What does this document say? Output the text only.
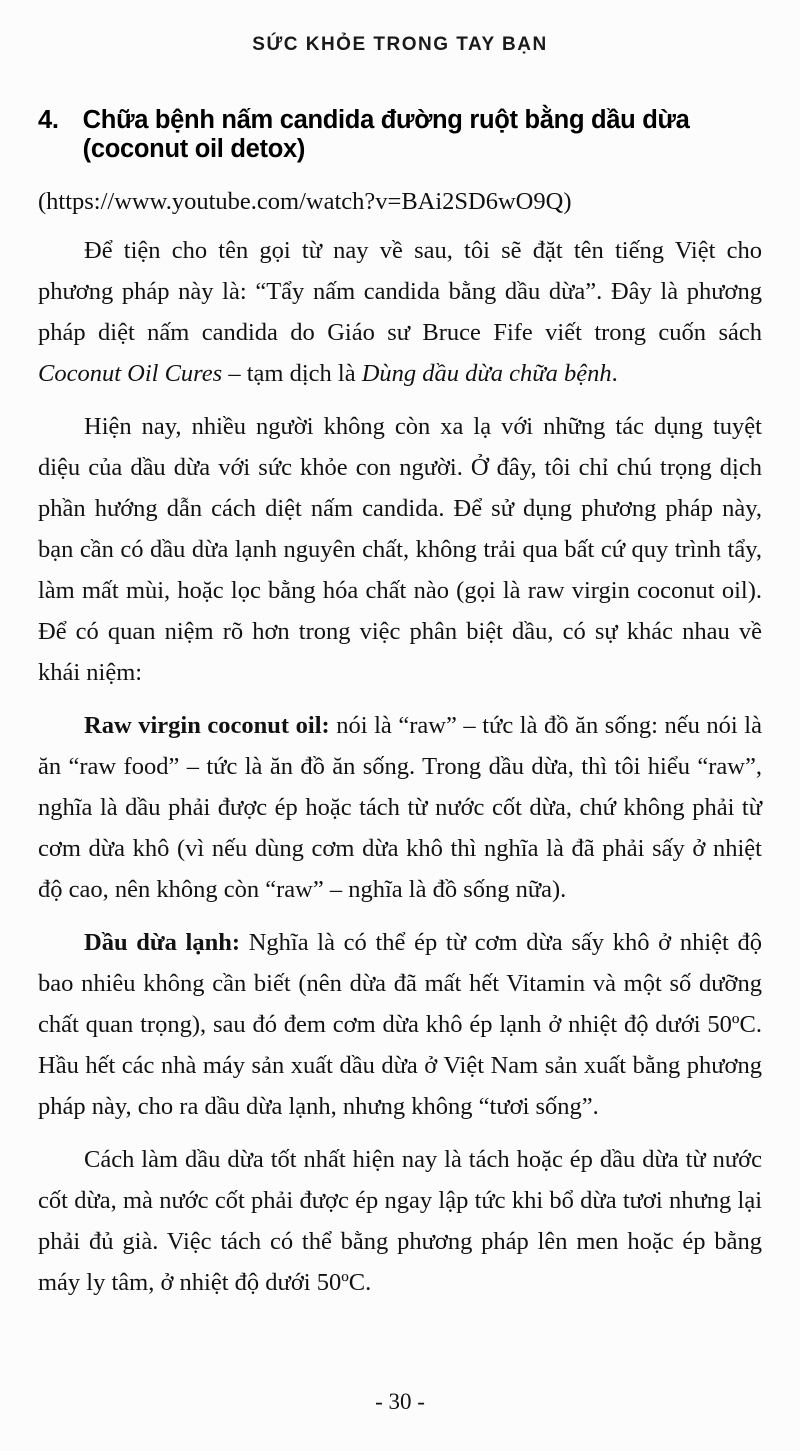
SỨC KHỎE TRONG TAY BẠN
4. Chữa bệnh nấm candida đường ruột bằng dầu dừa (coconut oil detox)
(https://www.youtube.com/watch?v=BAi2SD6wO9Q)

Để tiện cho tên gọi từ nay về sau, tôi sẽ đặt tên tiếng Việt cho phương pháp này là: “Tẩy nấm candida bằng dầu dừa”. Đây là phương pháp diệt nấm candida do Giáo sư Bruce Fife viết trong cuốn sách Coconut Oil Cures – tạm dịch là Dùng dầu dừa chữa bệnh.

Hiện nay, nhiều người không còn xa lạ với những tác dụng tuyệt diệu của dầu dừa với sức khỏe con người. Ở đây, tôi chỉ chú trọng dịch phần hướng dẫn cách diệt nấm candida. Để sử dụng phương pháp này, bạn cần có dầu dừa lạnh nguyên chất, không trải qua bất cứ quy trình tẩy, làm mất mùi, hoặc lọc bằng hóa chất nào (gọi là raw virgin coconut oil). Để có quan niệm rõ hơn trong việc phân biệt dầu, có sự khác nhau về khái niệm:

Raw virgin coconut oil: nói là “raw” – tức là đồ ăn sống: nếu nói là ăn “raw food” – tức là ăn đồ ăn sống. Trong dầu dừa, thì tôi hiểu “raw”, nghĩa là dầu phải được ép hoặc tách từ nước cốt dừa, chứ không phải từ cơm dừa khô (vì nếu dùng cơm dừa khô thì nghĩa là đã phải sấy ở nhiệt độ cao, nên không còn “raw” – nghĩa là đồ sống nữa).

Dầu dừa lạnh: Nghĩa là có thể ép từ cơm dừa sấy khô ở nhiệt độ bao nhiêu không cần biết (nên dừa đã mất hết Vitamin và một số dưỡng chất quan trọng), sau đó đem cơm dừa khô ép lạnh ở nhiệt độ dưới 50ºC. Hầu hết các nhà máy sản xuất dầu dừa ở Việt Nam sản xuất bằng phương pháp này, cho ra dầu dừa lạnh, nhưng không “tươi sống”.

Cách làm dầu dừa tốt nhất hiện nay là tách hoặc ép dầu dừa từ nước cốt dừa, mà nước cốt phải được ép ngay lập tức khi bổ dừa tươi nhưng lại phải đủ già. Việc tách có thể bằng phương pháp lên men hoặc ép bằng máy ly tâm, ở nhiệt độ dưới 50ºC.

- 30 -
